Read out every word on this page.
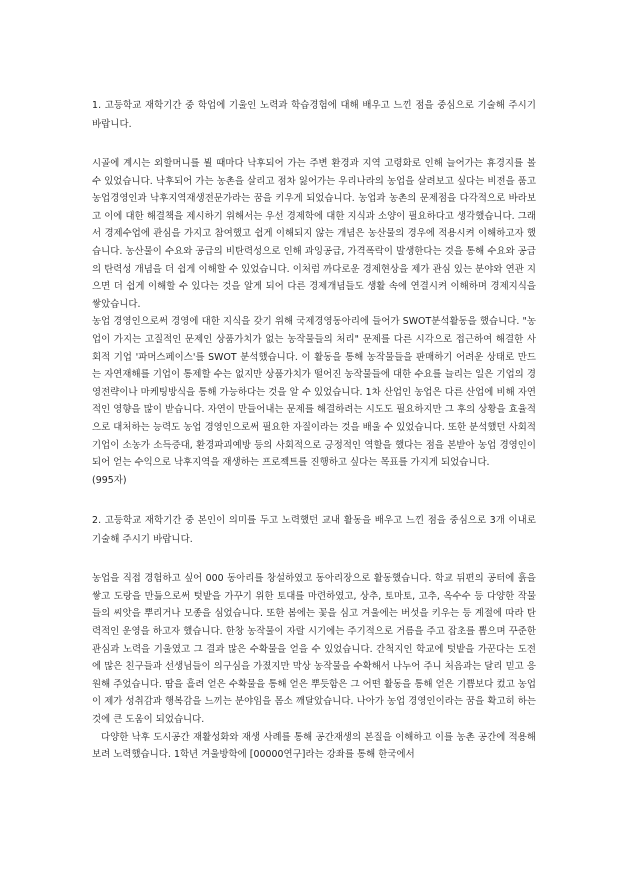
1. 고등학교 재학기간 중 학업에 기울인 노력과 학습경험에 대해 배우고 느낀 점을 중심으로 기술해 주시기 바랍니다.

시골에 계시는 외할머니를 뵐 때마다 낙후되어 가는 주변 환경과 지역 고령화로 인해 늘어가는 휴경지를 볼 수 있었습니다. 낙후되어 가는 농촌을 살리고 점차 잃어가는 우리나라의 농업을 살려보고 싶다는 비전을 품고 농업경영인과 낙후지역재생전문가라는 꿈을 키우게 되었습니다. 농업과 농촌의 문제점을 다각적으로 바라보고 이에 대한 해결책을 제시하기 위해서는 우선 경제학에 대한 지식과 소양이 필요하다고 생각했습니다. 그래서 경제수업에 관심을 가지고 참여했고 쉽게 이해되지 않는 개념은 농산물의 경우에 적용시켜 이해하고자 했습니다. 농산물이 수요와 공급의 비탄력성으로 인해 과잉공급, 가격폭락이 발생한다는 것을 통해 수요와 공급의 탄력성 개념을 더 쉽게 이해할 수 있었습니다. 이처럼 까다로운 경제현상을 제가 관심 있는 분야와 연관 지으면 더 쉽게 이해할 수 있다는 것을 알게 되어 다른 경제개념들도 생활 속에 연결시켜 이해하며 경제지식을 쌓았습니다.

농업 경영인으로써 경영에 대한 지식을 갖기 위해 국제경영동아리에 들어가 SWOT분석활동을 했습니다. "농업이 가지는 고질적인 문제인 상품가치가 없는 농작물들의 처리" 문제를 다른 시각으로 접근하여 해결한 사회적 기업 '파머스페이스'를 SWOT 분석했습니다. 이 활동을 통해 농작물들을 판매하기 어려운 상태로 만드는 자연재해를 기업이 통제할 수는 없지만 상품가치가 떨어진 농작물들에 대한 수요를 늘리는 일은 기업의 경영전략이나 마케팅방식을 통해 가능하다는 것을 알 수 있었습니다. 1차 산업인 농업은 다른 산업에 비해 자연적인 영향을 많이 받습니다. 자연이 만들어내는 문제를 해결하려는 시도도 필요하지만 그 후의 상황을 효율적으로 대처하는 능력도 농업 경영인으로써 필요한 자질이라는 것을 배울 수 있었습니다. 또한 분석했던 사회적 기업이 소농가 소득증대, 환경파괴예방 등의 사회적으로 긍정적인 역할을 했다는 점을 본받아 농업 경영인이 되어 얻는 수익으로 낙후지역을 재생하는 프로젝트를 진행하고 싶다는 목표를 가지게 되었습니다.

(995자)

2. 고등학교 재학기간 중 본인이 의미를 두고 노력했던 교내 활동을 배우고 느낀 점을 중심으로 3개 이내로 기술해 주시기 바랍니다.

농업을 직접 경험하고 싶어 000 동아리를 창설하였고 동아리장으로 활동했습니다. 학교 뒤편의 공터에 흙을 쌓고 도랑을 만듦으로써 텃밭을 가꾸기 위한 토대를 마련하였고, 상추, 토마토, 고추, 옥수수 등 다양한 작물들의 씨앗을 뿌리거나 모종을 심었습니다. 또한 봄에는 꽃을 심고 겨울에는 버섯을 키우는 등 계절에 따라 탄력적인 운영을 하고자 했습니다. 한창 농작물이 자랄 시기에는 주기적으로 거름을 주고 잡초를 뽑으며 꾸준한 관심과 노력을 기울였고 그 결과 많은 수확물을 얻을 수 있었습니다. 간척지인 학교에 텃밭을 가꾼다는 도전에 많은 친구들과 선생님들이 의구심을 가졌지만 막상 농작물을 수확해서 나누어 주니 처음과는 달리 믿고 응원해 주었습니다. 땀을 흘려 얻은 수확물을 통해 얻은 뿌듯함은 그 어떤 활동을 통해 얻은 기쁨보다 컸고 농업이 제가 성취감과 행복감을 느끼는 분야임을 몸소 깨달았습니다. 나아가 농업 경영인이라는 꿈을 확고히 하는 것에 큰 도움이 되었습니다.

다양한 낙후 도시공간 재활성화와 재생 사례를 통해 공간재생의 본질을 이해하고 이를 농촌 공간에 적용해보려 노력했습니다. 1학년 겨울방학에 [00000연구]라는 강좌를 통해 한국에서
